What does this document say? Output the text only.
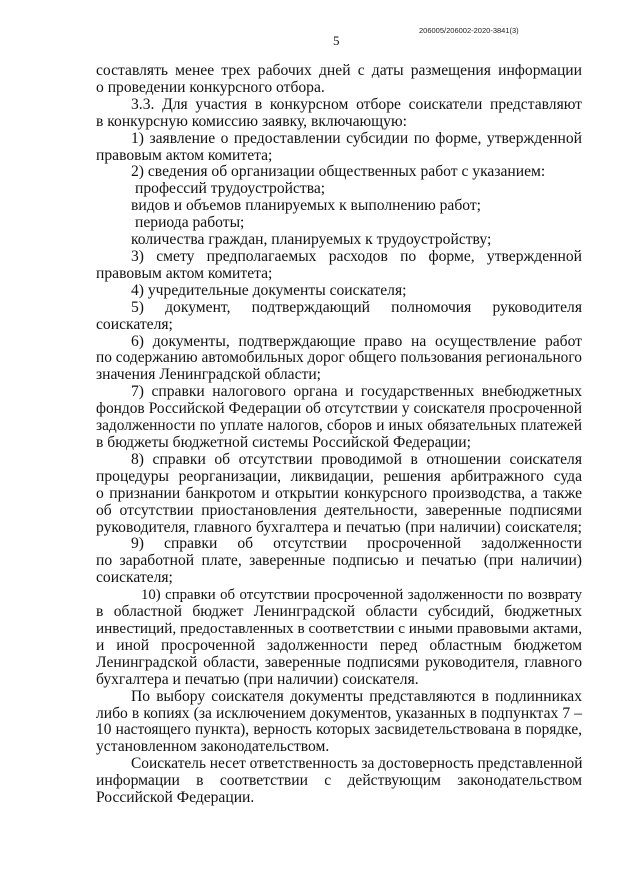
206005/206002-2020-3841(3)
5
составлять менее трех рабочих дней с даты размещения информации
о проведении конкурсного отбора.
3.3. Для участия в конкурсном отборе соискатели представляют
в конкурсную комиссию заявку, включающую:
1) заявление о предоставлении субсидии по форме, утвержденной
правовым актом комитета;
2) сведения об организации общественных работ с указанием:
профессий трудоустройства;
видов и объемов планируемых к выполнению работ;
периода работы;
количества граждан, планируемых к трудоустройству;
3) смету предполагаемых расходов по форме, утвержденной
правовым актом комитета;
4) учредительные документы соискателя;
5) документ, подтверждающий полномочия руководителя
соискателя;
6) документы, подтверждающие право на осуществление работ
по содержанию автомобильных дорог общего пользования регионального
значения Ленинградской области;
7) справки налогового органа и государственных внебюджетных
фондов Российской Федерации об отсутствии у соискателя просроченной
задолженности по уплате налогов, сборов и иных обязательных платежей
в бюджеты бюджетной системы Российской Федерации;
8) справки об отсутствии проводимой в отношении соискателя
процедуры реорганизации, ликвидации, решения арбитражного суда
о признании банкротом и открытии конкурсного производства, а также
об отсутствии приостановления деятельности, заверенные подписями
руководителя, главного бухгалтера и печатью (при наличии) соискателя;
9) справки об отсутствии просроченной задолженности
по заработной плате, заверенные подписью и печатью (при наличии)
соискателя;
10) справки об отсутствии просроченной задолженности по возврату
в областной бюджет Ленинградской области субсидий, бюджетных
инвестиций, предоставленных в соответствии с иными правовыми актами,
и иной просроченной задолженности перед областным бюджетом
Ленинградской области, заверенные подписями руководителя, главного
бухгалтера и печатью (при наличии) соискателя.
По выбору соискателя документы представляются в подлинниках
либо в копиях (за исключением документов, указанных в подпунктах 7 –
10 настоящего пункта), верность которых засвидетельствована в порядке,
установленном законодательством.
Соискатель несет ответственность за достоверность представленной
информации в соответствии с действующим законодательством
Российской Федерации.
